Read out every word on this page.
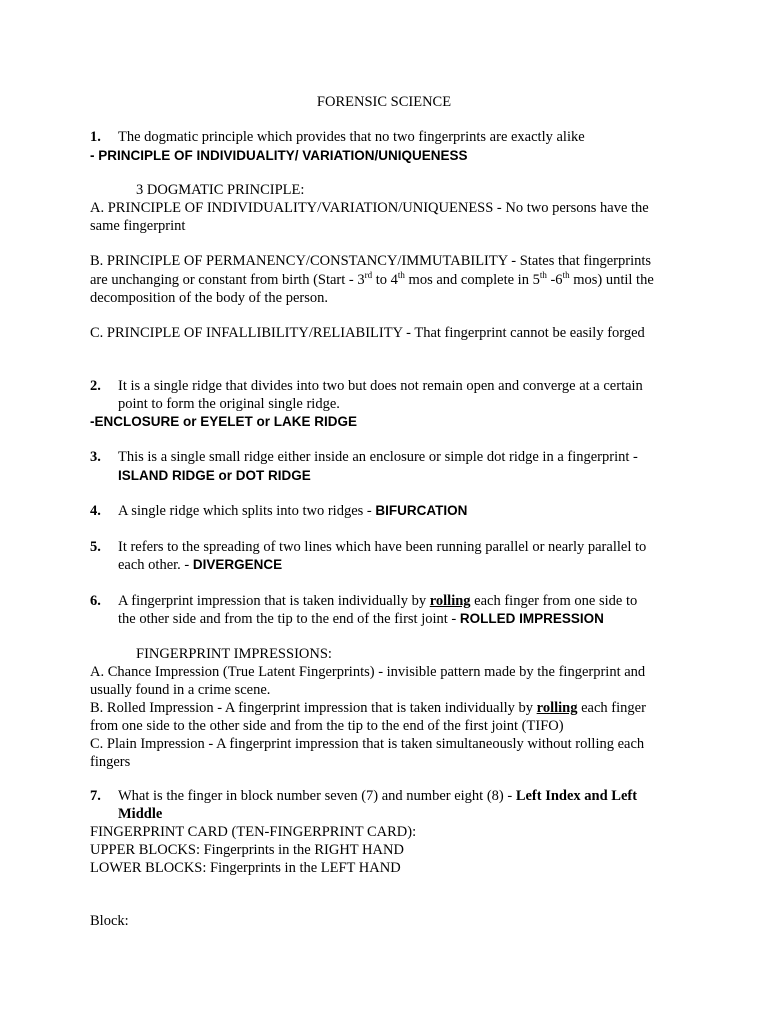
FORENSIC SCIENCE
1. The dogmatic principle which provides that no two fingerprints are exactly alike
- PRINCIPLE OF INDIVIDUALITY/ VARIATION/UNIQUENESS
3 DOGMATIC PRINCIPLE:
A. PRINCIPLE OF INDIVIDUALITY/VARIATION/UNIQUENESS - No two persons have the
same fingerprint
B. PRINCIPLE OF PERMANENCY/CONSTANCY/IMMUTABILITY - States that fingerprints
are unchanging or constant from birth (Start - 3rd to 4th mos and complete in 5th -6th mos) until the
decomposition of the body of the person.
C. PRINCIPLE OF INFALLIBILITY/RELIABILITY - That fingerprint cannot be easily forged
2. It is a single ridge that divides into two but does not remain open and converge at a certain
point to form the original single ridge.
-ENCLOSURE or EYELET or LAKE RIDGE
3. This is a single small ridge either inside an enclosure or simple dot ridge in a fingerprint -
ISLAND RIDGE or DOT RIDGE
4. A single ridge which splits into two ridges - BIFURCATION
5. It refers to the spreading of two lines which have been running parallel or nearly parallel to
each other. - DIVERGENCE
6. A fingerprint impression that is taken individually by rolling each finger from one side to
the other side and from the tip to the end of the first joint - ROLLED IMPRESSION
FINGERPRINT IMPRESSIONS:
A. Chance Impression (True Latent Fingerprints) - invisible pattern made by the fingerprint and
usually found in a crime scene.
B. Rolled Impression - A fingerprint impression that is taken individually by rolling each finger
from one side to the other side and from the tip to the end of the first joint (TIFO)
C. Plain Impression - A fingerprint impression that is taken simultaneously without rolling each
fingers
7. What is the finger in block number seven (7) and number eight (8) - Left Index and Left
Middle
FINGERPRINT CARD (TEN-FINGERPRINT CARD):
UPPER BLOCKS: Fingerprints in the RIGHT HAND
LOWER BLOCKS: Fingerprints in the LEFT HAND
Block:
